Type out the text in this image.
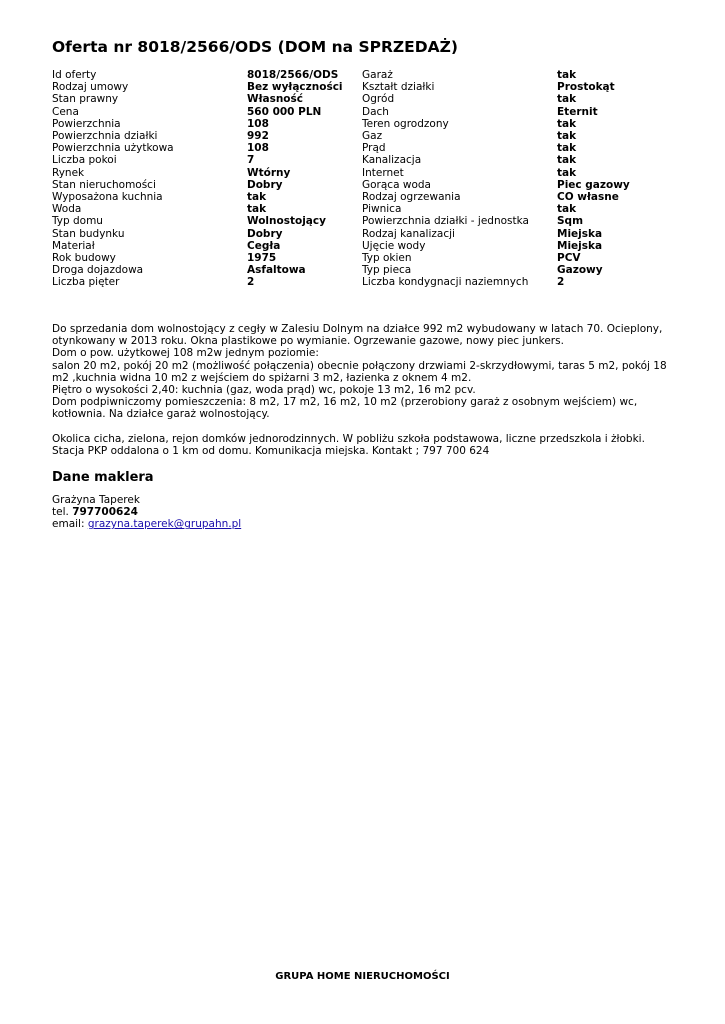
Oferta nr 8018/2566/ODS (DOM na SPRZEDAŻ)
Id oferty	8018/2566/ODS	Garaż	tak
Rodzaj umowy	Bez wyłączności	Kształt działki	Prostokąt
Stan prawny	Własność	Ogród	tak
Cena	560 000 PLN	Dach	Eternit
Powierzchnia	108	Teren ogrodzony	tak
Powierzchnia działki	992	Gaz	tak
Powierzchnia użytkowa	108	Prąd	tak
Liczba pokoi	7	Kanalizacja	tak
Rynek	Wtórny	Internet	tak
Stan nieruchomości	Dobry	Gorąca woda	Piec gazowy
Wyposażona kuchnia	tak	Rodzaj ogrzewania	CO własne
Woda	tak	Piwnica	tak
Typ domu	Wolnostojący	Powierzchnia działki - jednostka	Sqm
Stan budynku	Dobry	Rodzaj kanalizacji	Miejska
Materiał	Cegła	Ujęcie wody	Miejska
Rok budowy	1975	Typ okien	PCV
Droga dojazdowa	Asfaltowa	Typ pieca	Gazowy
Liczba pięter	2	Liczba kondygnacji naziemnych	2

Do sprzedania dom wolnostojący z cegły w Zalesiu Dolnym na działce 992 m2 wybudowany w latach 70. Ocieplony, otynkowany w 2013 roku. Okna plastikowe po wymianie. Ogrzewanie gazowe, nowy piec junkers.

Dom o pow. użytkowej 108 m2w jednym poziomie:

salon 20 m2, pokój 20 m2 (możliwość połączenia) obecnie połączony drzwiami 2-skrzydłowymi, taras 5 m2, pokój 18 m2 ,kuchnia widna 10 m2 z wejściem do spiżarni 3 m2, łazienka z oknem 4 m2.

Piętro o wysokości 2,40: kuchnia (gaz, woda prąd) wc, pokoje 13 m2, 16 m2 pcv.

Dom podpiwniczomy pomieszczenia: 8 m2, 17 m2, 16 m2, 10 m2 (przerobiony garaż z osobnym wejściem) wc, kotłownia. Na działce garaż wolnostojący.

Okolica cicha, zielona, rejon domków jednorodzinnych. W pobliżu szkoła podstawowa, liczne przedszkola i żłobki. Stacja PKP oddalona o 1 km od domu. Komunikacja miejska. Kontakt ; 797 700 624

Dane maklera
Grażyna Taperek
tel. 797700624
email: grazyna.taperek@grupahn.pl
GRUPA HOME NIERUCHOMOŚCI
